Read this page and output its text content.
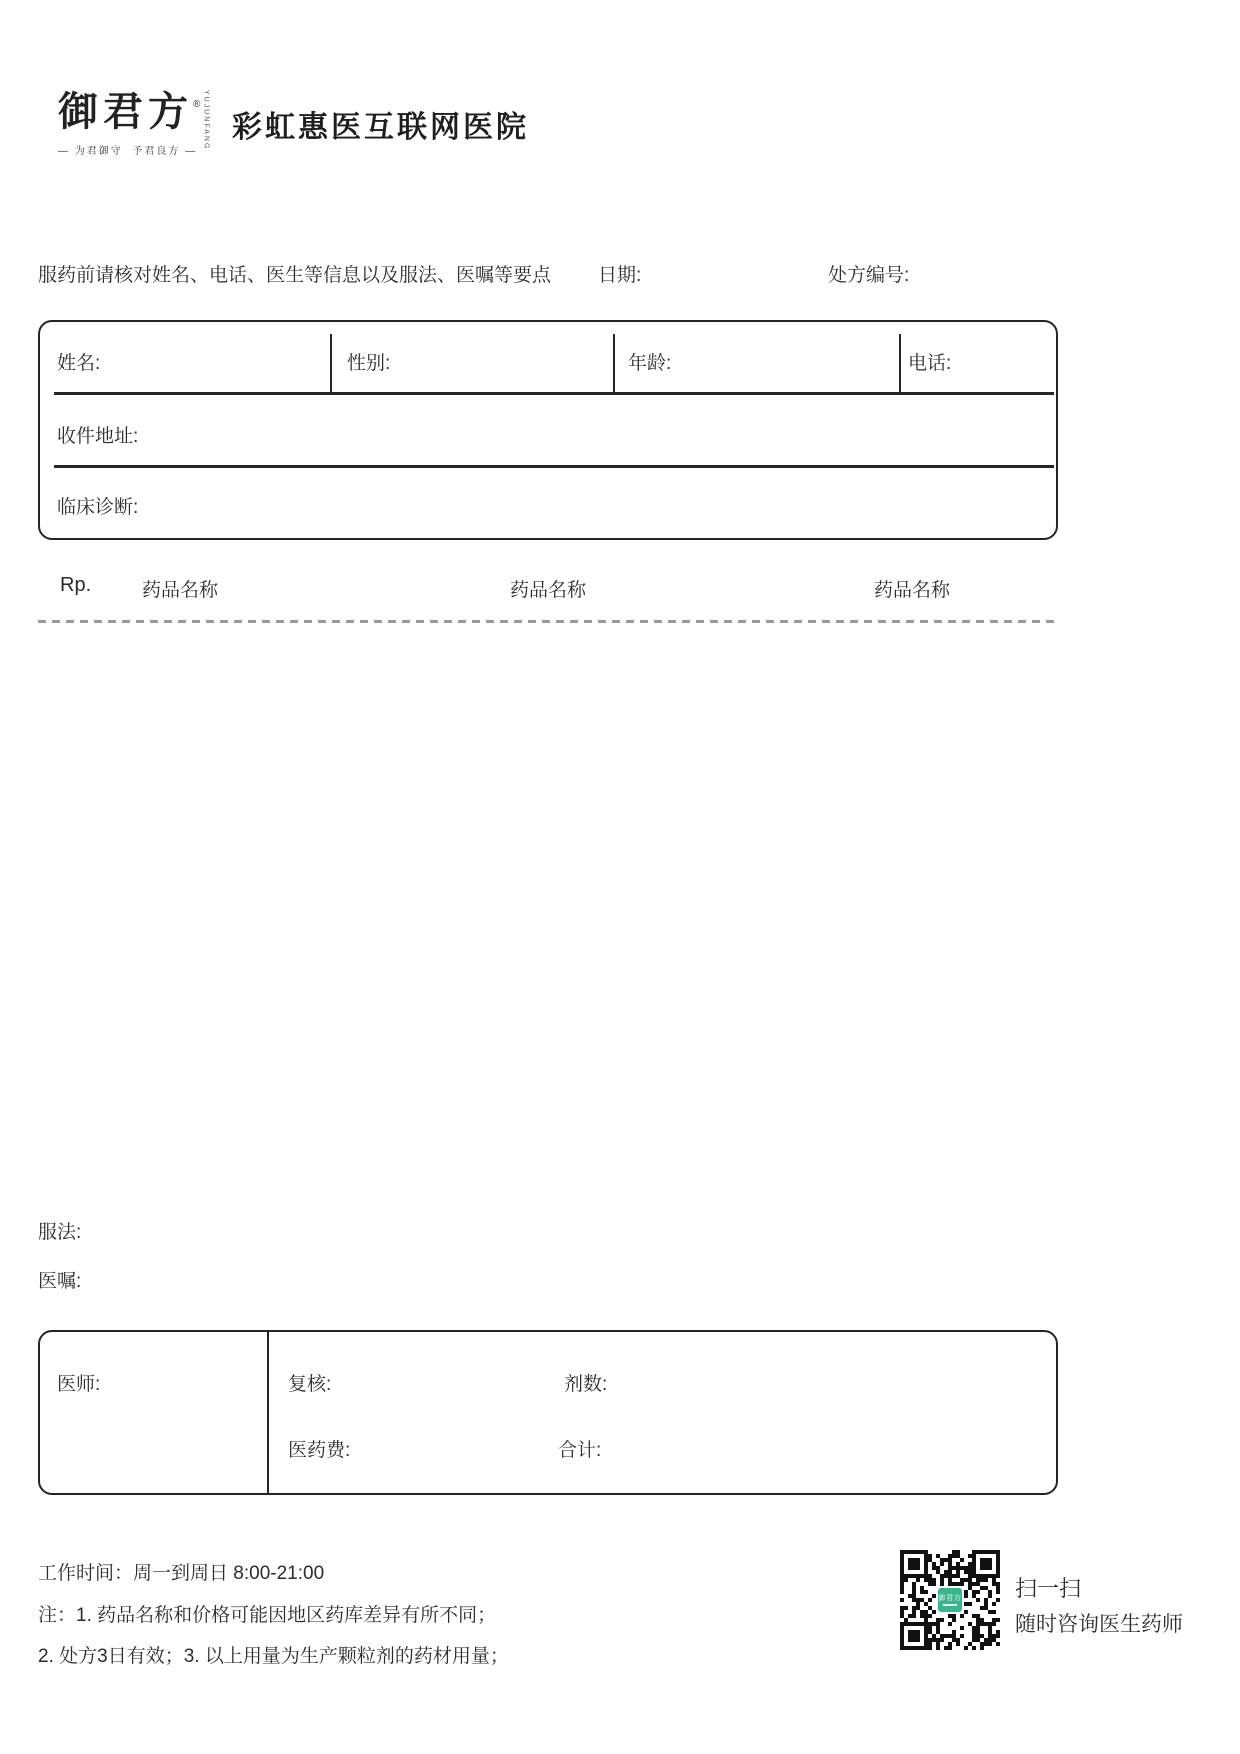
御君方® YUJUNFANG
— 为君御守  予君良方 —
彩虹惠医互联网医院
服药前请核对姓名、电话、医生等信息以及服法、医嘱等要点 日期:	处方编号:
姓名:	性别:	年龄:	电话:
收件地址:
临床诊断:
Rp.	药品名称	药品名称	药品名称
服法:
医嘱:
医师:	复核:	剂数:
医药费:	合计:
工作时间：周一到周日 8:00-21:00
注：1. 药品名称和价格可能因地区药库差异有所不同；
2. 处方3日有效；3. 以上用量为生产颗粒剂的药材用量；
御君方 扫一扫
随时咨询医生药师
